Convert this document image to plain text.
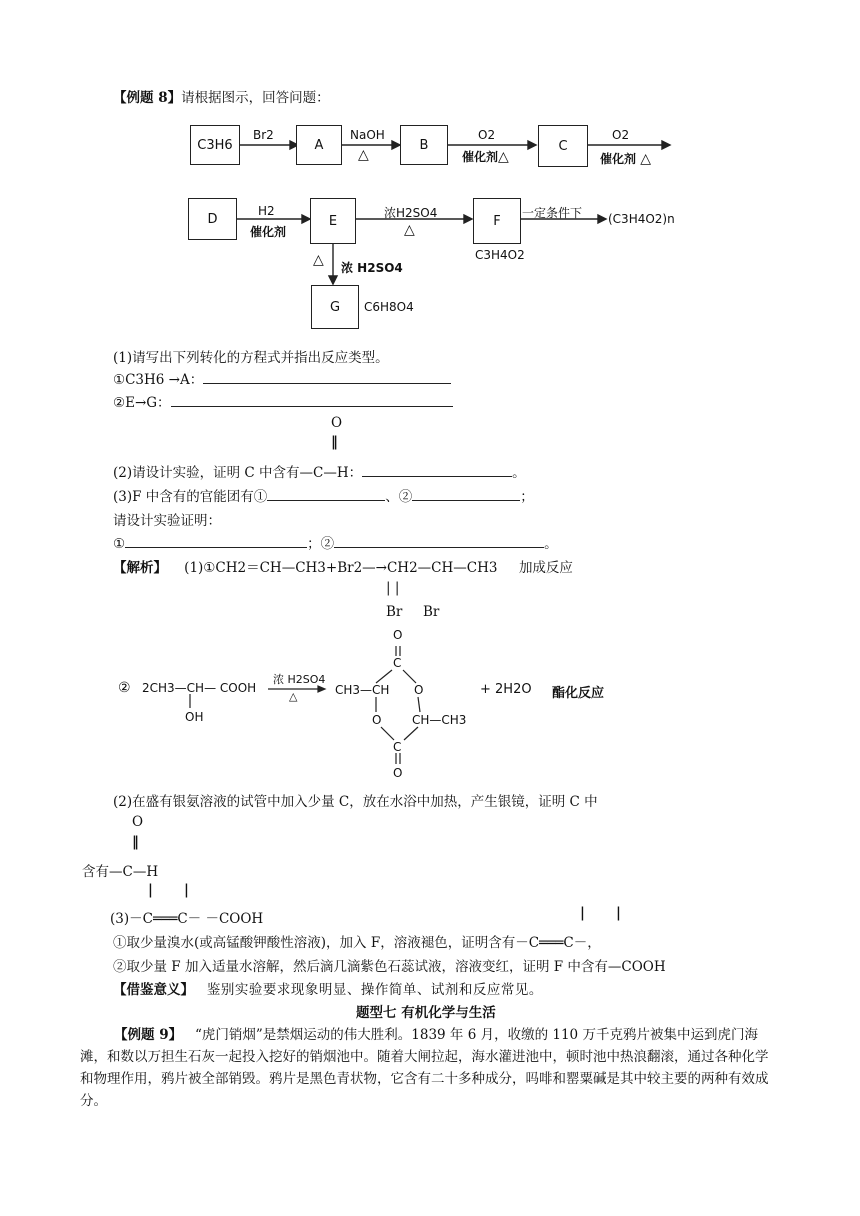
【例题 8】请根据图示，回答问题：
C3H6	A	B	C
D	E	F
G
Br2	NaOH
△
O2
催化剂△
O2
催化剂 △
H2
催化剂
浓H2SO4
△
一定条件下 (C3H4O2)n
C3H4O2
△ 浓 H2SO4
C6H8O4
(1)请写出下列转化的方程式并指出反应类型。
①C3H6 →A：
②E→G：
O
‖
(2)请设计实验，证明 C 中含有—C—H：	。
(3)F 中含有的官能团有①	、②	；
请设计实验证明：
①	；②	。
【解析】 (1)①CH2＝CH—CH3+Br2—→CH2—CH—CH3 加成反应
| |
Br Br
② 2CH3—CH— COOH
OH
浓 H2SO4
△
O
C
CH3—CH O
O	CH—CH3
C
O
+ 2H2O 酯化反应
(2)在盛有银氨溶液的试管中加入少量 C，放在水浴中加热，产生银镜，证明 C 中
O
‖
含有—C—H
| |
(3)－C═══C－ －COOH	| |
①取少量溴水(或高锰酸钾酸性溶液)，加入 F，溶液褪色，证明含有－C═══C－，
②取少量 F 加入适量水溶解，然后滴几滴紫色石蕊试液，溶液变红，证明 F 中含有—COOH
【借鉴意义】 鉴别实验要求现象明显、操作简单、试剂和反应常见。
题型七 有机化学与生活
【例题 9】 “虎门销烟”是禁烟运动的伟大胜利。1839 年 6 月，收缴的 110 万千克鸦片被集中运到虎门海滩，和数以万担生石灰一起投入挖好的销烟池中。随着大闸拉起，海水灌进池中，顿时池中热浪翻滚，通过各种化学和物理作用，鸦片被全部销毁。鸦片是黑色青状物，它含有二十多种成分，吗啡和罂粟碱是其中较主要的两种有效成分。
